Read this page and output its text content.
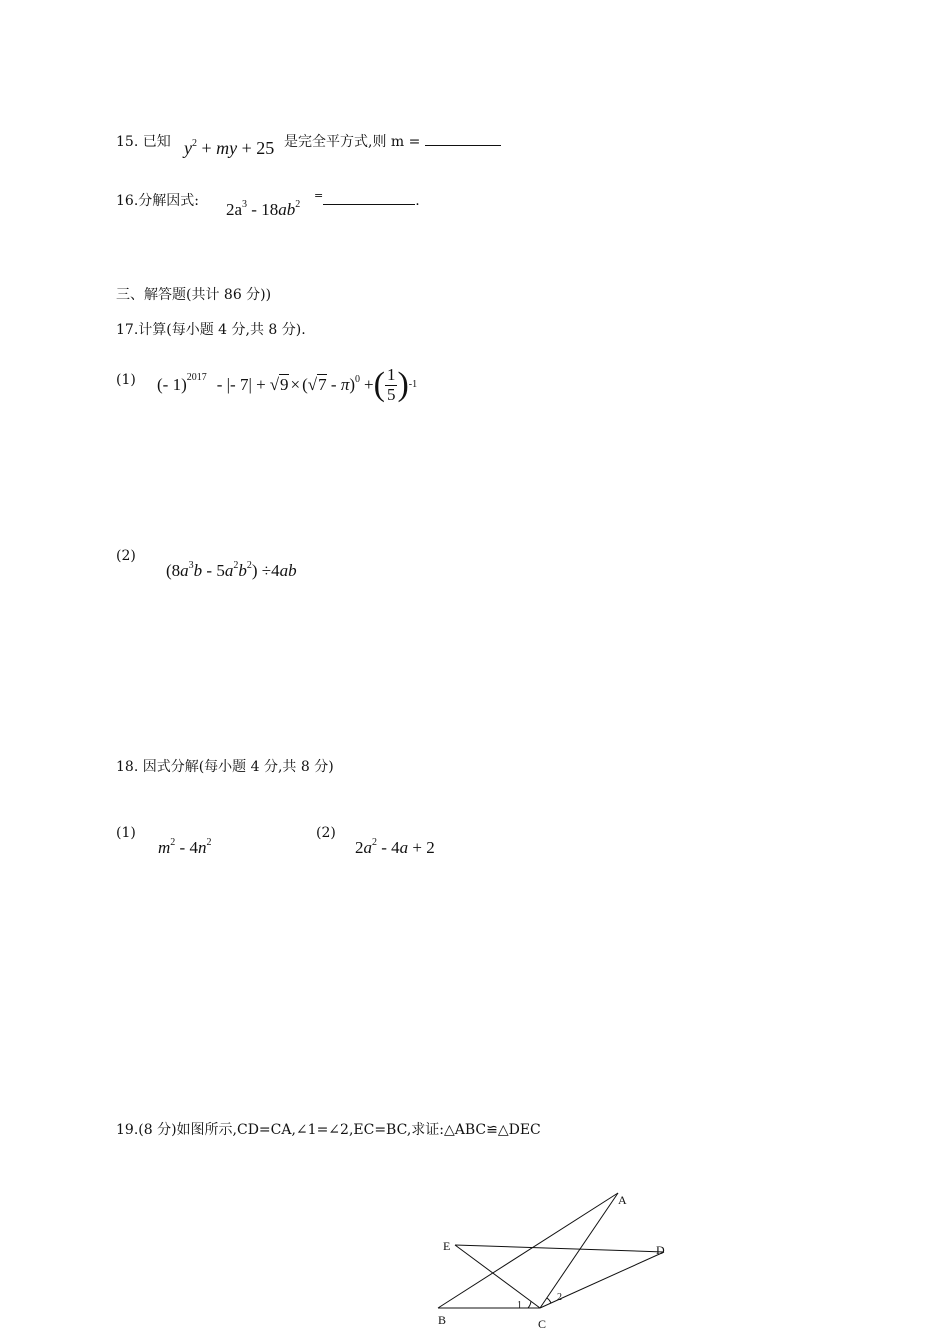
15. 已知 $y^2$ + my + 25 是完全平方式,则 m =
16.分解因式: $2a^3 - 18ab^2$
=	.
三、解答题(共计 86 分))
17.计算(每小题 4 分,共 8 分).
(1) (- 1)$^{2017}$ - |- 7| + √9 × (√7 - π)$^0$ + ( $\frac{1}{5}$ ) -1
(2)
$(8a^3b - 5a^2b^2) \div 4ab$
18. 因式分解(每小题 4 分,共 8 分)
(1)
$m^2 - 4n^2$
(2)
$2a^2 - 4a + 2$
19.(8 分)如图所示,CD=CA,∠1=∠2,EC=BC,求证:△ABC≌△DEC
A
E	D
B	C
1
2
